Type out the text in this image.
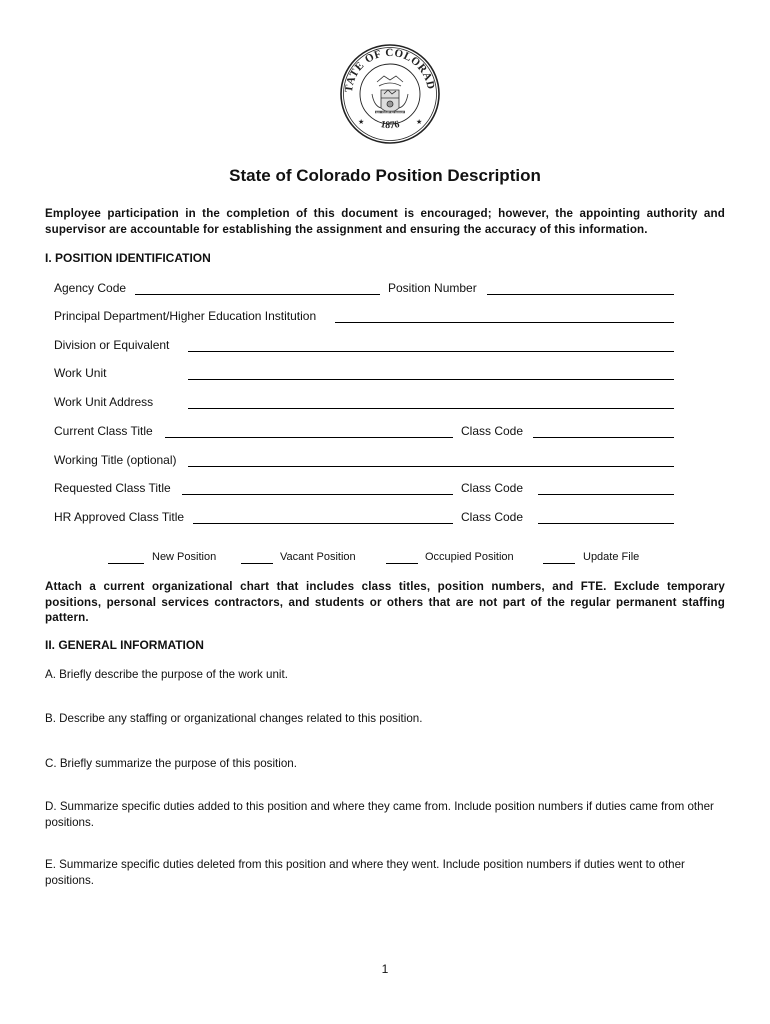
TATE OF COLORAD
1876
★	★
NIL SINE NUMINE
State of Colorado Position Description
Employee participation in the completion of this document is encouraged; however, the appointing authority and supervisor are accountable for establishing the assignment and ensuring the accuracy of this information.
I. POSITION IDENTIFICATION
Agency Code	Position Number
Principal Department/Higher Education Institution
Division or Equivalent
Work Unit
Work Unit Address
Current Class Title	Class Code
Working Title (optional)
Requested Class Title	Class Code
HR Approved Class Title	Class Code
New Position	Vacant Position	Occupied Position	Update File
Attach a current organizational chart that includes class titles, position numbers, and FTE. Exclude temporary positions, personal services contractors, and students or others that are not part of the regular permanent staffing pattern.
II. GENERAL INFORMATION
A. Briefly describe the purpose of the work unit.
B. Describe any staffing or organizational changes related to this position.
C. Briefly summarize the purpose of this position.
D. Summarize specific duties added to this position and where they came from. Include position numbers if duties came from other positions.
E. Summarize specific duties deleted from this position and where they went. Include position numbers if duties went to other positions.
1
